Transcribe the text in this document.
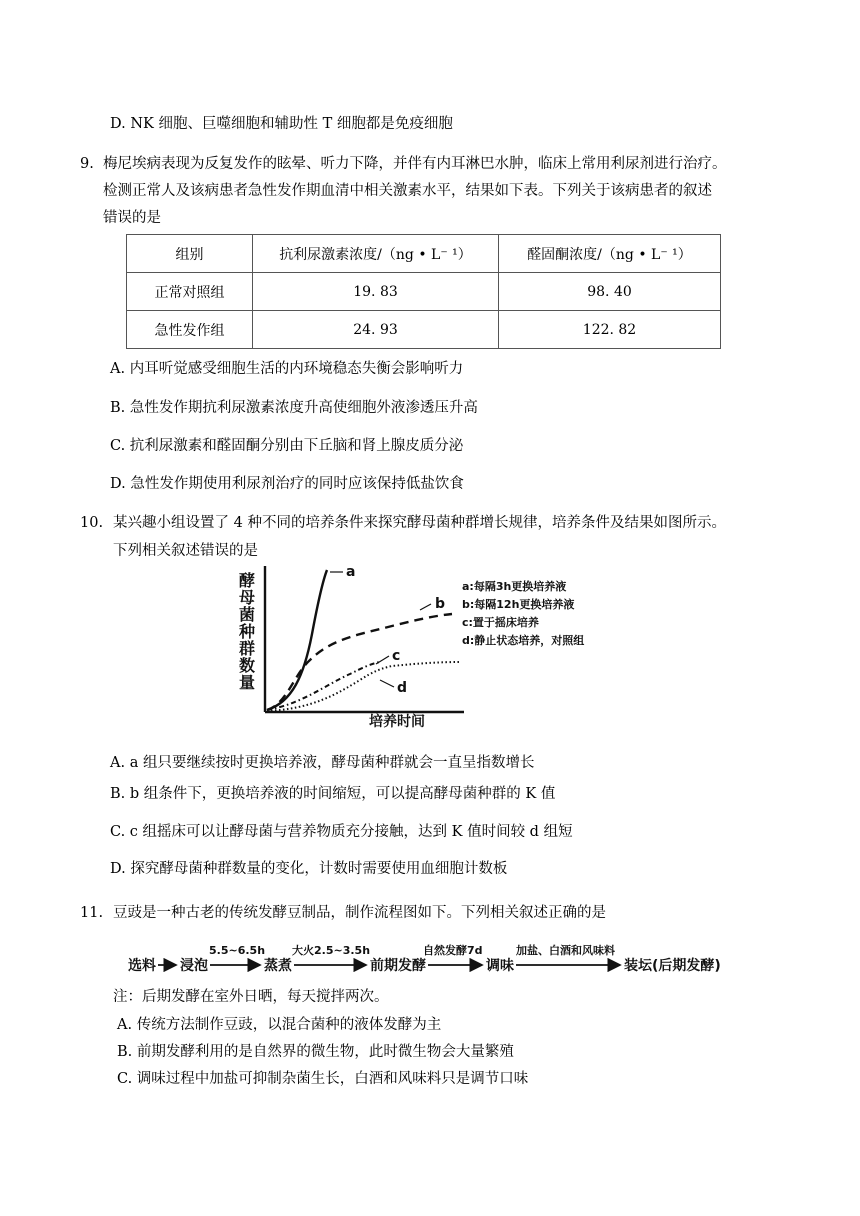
D. NK 细胞、巨噬细胞和辅助性 T 细胞都是免疫细胞
9. 梅尼埃病表现为反复发作的眩晕、听力下降，并伴有内耳淋巴水肿，临床上常用利尿剂进行治疗。
检测正常人及该病患者急性发作期血清中相关激素水平，结果如下表。下列关于该病患者的叙述
错误的是
组别	抗利尿激素浓度/（ng • L⁻ ¹）	醛固酮浓度/（ng • L⁻ ¹）
正常对照组	19. 83	98. 40
急性发作组	24. 93	122. 82
A. 内耳听觉感受细胞生活的内环境稳态失衡会影响听力
B. 急性发作期抗利尿激素浓度升高使细胞外液渗透压升高
C. 抗利尿激素和醛固酮分别由下丘脑和肾上腺皮质分泌
D. 急性发作期使用利尿剂治疗的同时应该保持低盐饮食
10. 某兴趣小组设置了 4 种不同的培养条件来探究酵母菌种群增长规律，培养条件及结果如图所示。
下列相关叙述错误的是
酵
母
菌
种
群
数
量
a
b
c
d
a:每隔3h更换培养液
b:每隔12h更换培养液
c:置于摇床培养
d:静止状态培养，对照组
培养时间
A. a 组只要继续按时更换培养液，酵母菌种群就会一直呈指数增长
B. b 组条件下，更换培养液的时间缩短，可以提高酵母菌种群的 K 值
C. c 组摇床可以让酵母菌与营养物质充分接触，达到 K 值时间较 d 组短
D. 探究酵母菌种群数量的变化，计数时需要使用血细胞计数板
11. 豆豉是一种古老的传统发酵豆制品，制作流程图如下。下列相关叙述正确的是
选料 浸泡
5.5~6.5h
蒸煮
大火2.5~3.5h
前期发酵
自然发酵7d
调味
加盐、白酒和风味料
装坛(后期发酵)
注：后期发酵在室外日晒，每天搅拌两次。
A. 传统方法制作豆豉，以混合菌种的液体发酵为主
B. 前期发酵利用的是自然界的微生物，此时微生物会大量繁殖
C. 调味过程中加盐可抑制杂菌生长，白酒和风味料只是调节口味
